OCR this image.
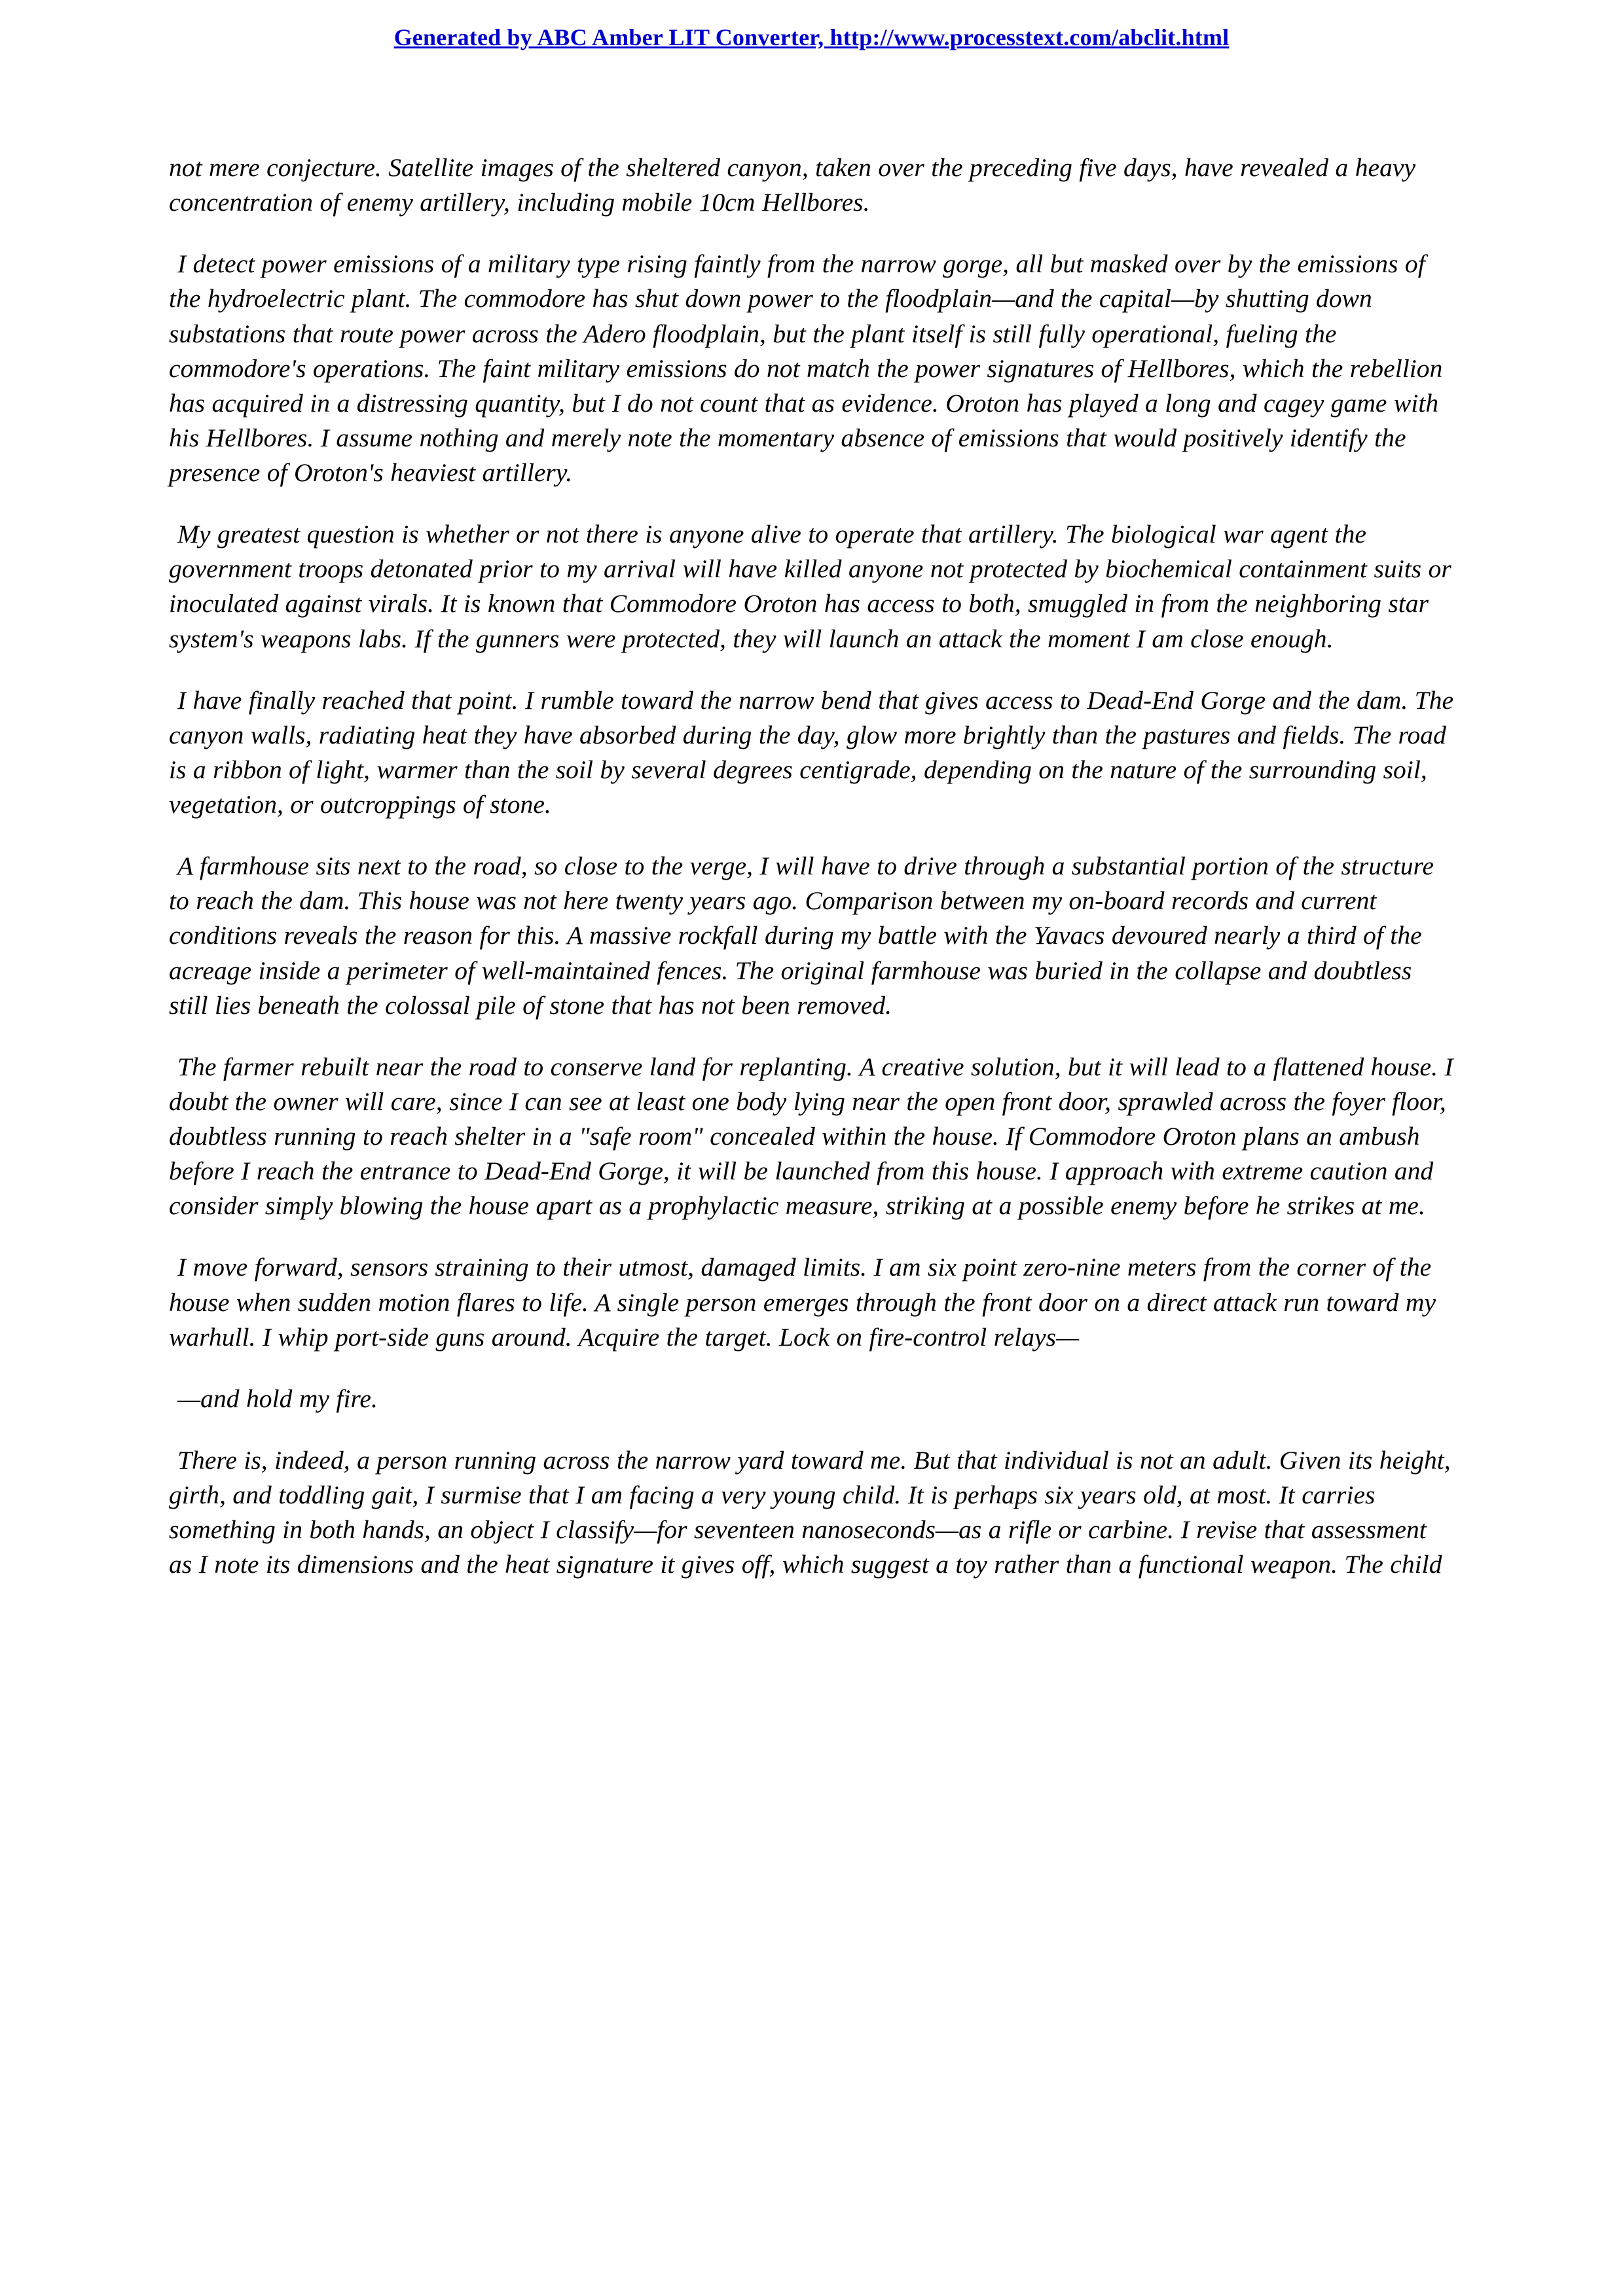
Generated by ABC Amber LIT Converter, http://www.processtext.com/abclit.html

not mere conjecture. Satellite images of the sheltered canyon, taken over the preceding five days, have revealed a heavy concentration of enemy artillery, including mobile 10cm Hellbores.

I detect power emissions of a military type rising faintly from the narrow gorge, all but masked over by the emissions of the hydroelectric plant. The commodore has shut down power to the floodplain—and the capital—by shutting down substations that route power across the Adero floodplain, but the plant itself is still fully operational, fueling the commodore's operations. The faint military emissions do not match the power signatures of Hellbores, which the rebellion has acquired in a distressing quantity, but I do not count that as evidence. Oroton has played a long and cagey game with his Hellbores. I assume nothing and merely note the momentary absence of emissions that would positively identify the presence of Oroton's heaviest artillery.

My greatest question is whether or not there is anyone alive to operate that artillery. The biological war agent the government troops detonated prior to my arrival will have killed anyone not protected by biochemical containment suits or inoculated against virals. It is known that Commodore Oroton has access to both, smuggled in from the neighboring star system's weapons labs. If the gunners were protected, they will launch an attack the moment I am close enough.

I have finally reached that point. I rumble toward the narrow bend that gives access to Dead-End Gorge and the dam. The canyon walls, radiating heat they have absorbed during the day, glow more brightly than the pastures and fields. The road is a ribbon of light, warmer than the soil by several degrees centigrade, depending on the nature of the surrounding soil, vegetation, or outcroppings of stone.

A farmhouse sits next to the road, so close to the verge, I will have to drive through a substantial portion of the structure to reach the dam. This house was not here twenty years ago. Comparison between my on-board records and current conditions reveals the reason for this. A massive rockfall during my battle with the Yavacs devoured nearly a third of the acreage inside a perimeter of well-maintained fences. The original farmhouse was buried in the collapse and doubtless still lies beneath the colossal pile of stone that has not been removed.

The farmer rebuilt near the road to conserve land for replanting. A creative solution, but it will lead to a flattened house. I doubt the owner will care, since I can see at least one body lying near the open front door, sprawled across the foyer floor, doubtless running to reach shelter in a "safe room" concealed within the house. If Commodore Oroton plans an ambush before I reach the entrance to Dead-End Gorge, it will be launched from this house. I approach with extreme caution and consider simply blowing the house apart as a prophylactic measure, striking at a possible enemy before he strikes at me.

I move forward, sensors straining to their utmost, damaged limits. I am six point zero-nine meters from the corner of the house when sudden motion flares to life. A single person emerges through the front door on a direct attack run toward my warhull. I whip port-side guns around. Acquire the target. Lock on fire-control relays—

—and hold my fire.

There is, indeed, a person running across the narrow yard toward me. But that individual is not an adult. Given its height, girth, and toddling gait, I surmise that I am facing a very young child. It is perhaps six years old, at most. It carries something in both hands, an object I classify—for seventeen nanoseconds—as a rifle or carbine. I revise that assessment as I note its dimensions and the heat signature it gives off, which suggest a toy rather than a functional weapon. The child
